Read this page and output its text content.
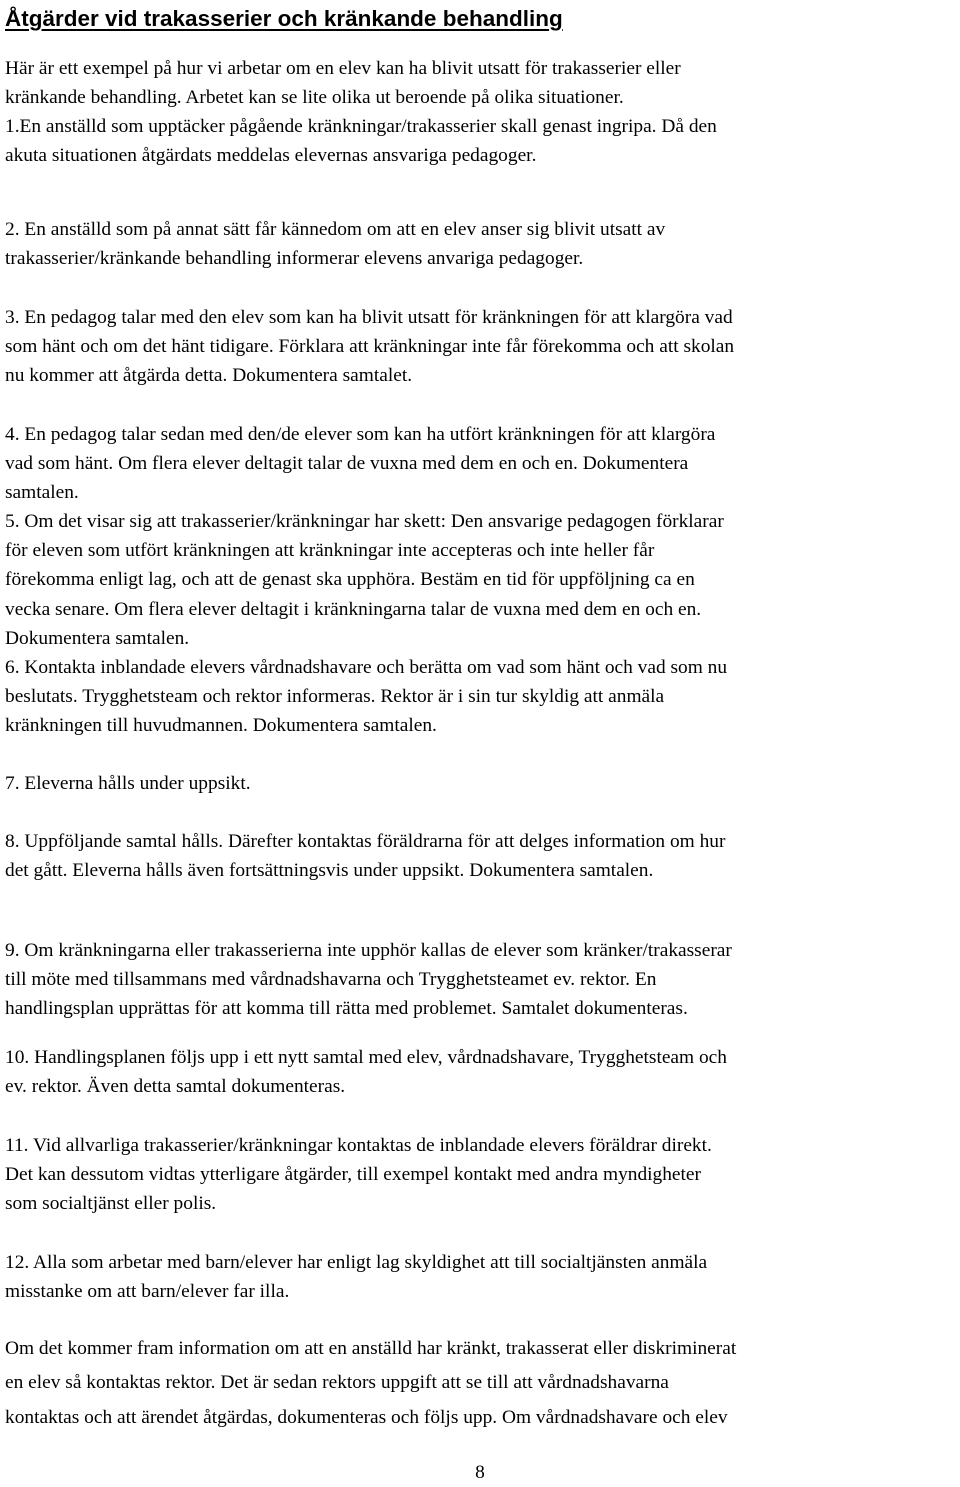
Åtgärder vid trakasserier och kränkande behandling
Här är ett exempel på hur vi arbetar om en elev kan ha blivit utsatt för trakasserier eller
kränkande behandling. Arbetet kan se lite olika ut beroende på olika situationer.
1.En anställd som upptäcker pågående kränkningar/trakasserier skall genast ingripa. Då den
akuta situationen åtgärdats meddelas elevernas ansvariga pedagoger.
2. En anställd som på annat sätt får kännedom om att en elev anser sig blivit utsatt av
trakasserier/kränkande behandling informerar elevens anvariga pedagoger.
3. En pedagog talar med den elev som kan ha blivit utsatt för kränkningen för att klargöra vad
som hänt och om det hänt tidigare. Förklara att kränkningar inte får förekomma och att skolan
nu kommer att åtgärda detta. Dokumentera samtalet.
4. En pedagog talar sedan med den/de elever som kan ha utfört kränkningen för att klargöra
vad som hänt. Om flera elever deltagit talar de vuxna med dem en och en. Dokumentera
samtalen.
5. Om det visar sig att trakasserier/kränkningar har skett: Den ansvarige pedagogen förklarar
för eleven som utfört kränkningen att kränkningar inte accepteras och inte heller får
förekomma enligt lag, och att de genast ska upphöra. Bestäm en tid för uppföljning ca en
vecka senare. Om flera elever deltagit i kränkningarna talar de vuxna med dem en och en.
Dokumentera samtalen.
6. Kontakta inblandade elevers vårdnadshavare och berätta om vad som hänt och vad som nu
beslutats. Trygghetsteam och rektor informeras. Rektor är i sin tur skyldig att anmäla
kränkningen till huvudmannen. Dokumentera samtalen.
7. Eleverna hålls under uppsikt.
8. Uppföljande samtal hålls. Därefter kontaktas föräldrarna för att delges information om hur
det gått. Eleverna hålls även fortsättningsvis under uppsikt. Dokumentera samtalen.
9. Om kränkningarna eller trakasserierna inte upphör kallas de elever som kränker/trakasserar
till möte med tillsammans med vårdnadshavarna och Trygghetsteamet ev. rektor. En
handlingsplan upprättas för att komma till rätta med problemet. Samtalet dokumenteras.
10. Handlingsplanen följs upp i ett nytt samtal med elev, vårdnadshavare, Trygghetsteam och
ev. rektor. Även detta samtal dokumenteras.
11. Vid allvarliga trakasserier/kränkningar kontaktas de inblandade elevers föräldrar direkt.
Det kan dessutom vidtas ytterligare åtgärder, till exempel kontakt med andra myndigheter
som socialtjänst eller polis.
12. Alla som arbetar med barn/elever har enligt lag skyldighet att till socialtjänsten anmäla
misstanke om att barn/elever far illa.
Om det kommer fram information om att en anställd har kränkt, trakasserat eller diskriminerat
en elev så kontaktas rektor. Det är sedan rektors uppgift att se till att vårdnadshavarna
kontaktas och att ärendet åtgärdas, dokumenteras och följs upp. Om vårdnadshavare och elev
8
